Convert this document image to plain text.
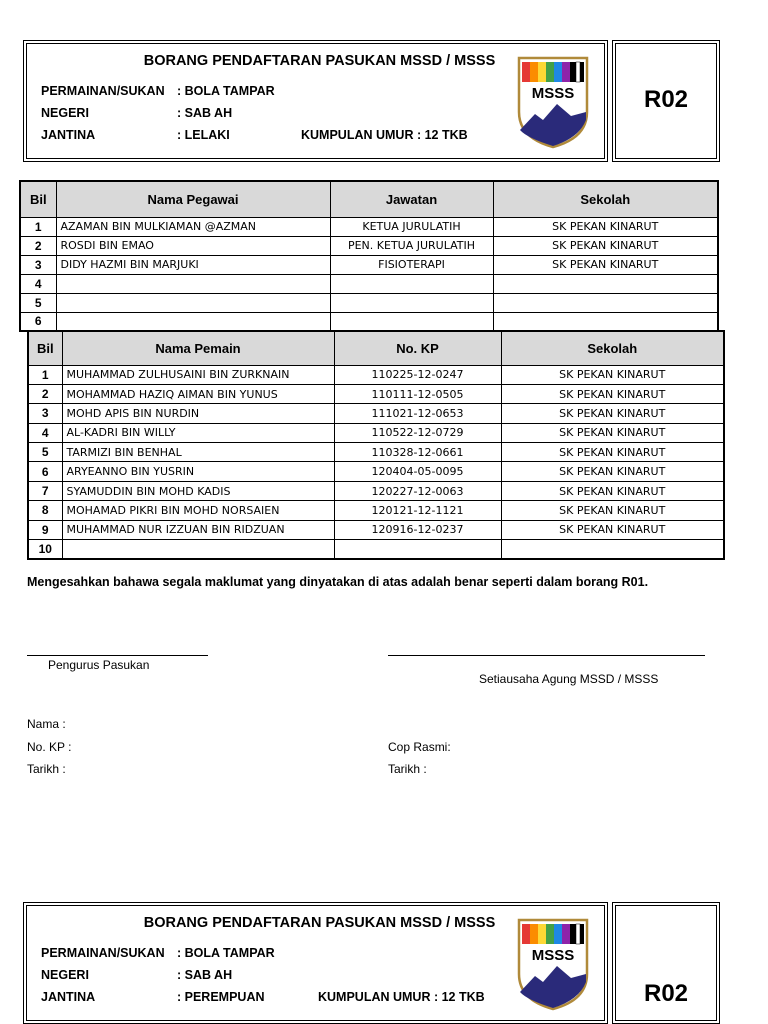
BORANG PENDAFTARAN PASUKAN MSSD / MSSS
PERMAINAN/SUKAN : BOLA TAMPAR
NEGERI	: SAB AH
JANTINA	: LELAKI	KUMPULAN UMUR : 12 TKB
MSSS	R02
Bil	Nama Pegawai	Jawatan	Sekolah
1	AZAMAN BIN MULKIAMAN @AZMAN	KETUA JURULATIH	SK PEKAN KINARUT
2	ROSDI BIN EMAO	PEN. KETUA JURULATIH	SK PEKAN KINARUT
3	DIDY HAZMI BIN MARJUKI	FISIOTERAPI	SK PEKAN KINARUT
4			
5			
6			
Bil	Nama Pemain	No. KP	Sekolah
1	MUHAMMAD ZULHUSAINI BIN ZURKNAIN	110225-12-0247	SK PEKAN KINARUT
2	MOHAMMAD HAZIQ AIMAN BIN YUNUS	110111-12-0505	SK PEKAN KINARUT
3	MOHD APIS BIN NURDIN	111021-12-0653	SK PEKAN KINARUT
4	AL-KADRI BIN WILLY	110522-12-0729	SK PEKAN KINARUT
5	TARMIZI BIN BENHAL	110328-12-0661	SK PEKAN KINARUT
6	ARYEANNO BIN YUSRIN	120404-05-0095	SK PEKAN KINARUT
7	SYAMUDDIN BIN MOHD KADIS	120227-12-0063	SK PEKAN KINARUT
8	MOHAMAD PIKRI BIN MOHD NORSAIEN	120121-12-1121	SK PEKAN KINARUT
9	MUHAMMAD NUR IZZUAN BIN RIDZUAN	120916-12-0237	SK PEKAN KINARUT
10			
Mengesahkan bahawa segala maklumat yang dinyatakan di atas adalah benar seperti dalam borang R01.
Pengurus Pasukan
Setiausaha Agung MSSD / MSSS
Nama :
No. KP :
Tarikh :
Cop Rasmi:
Tarikh :
BORANG PENDAFTARAN PASUKAN MSSD / MSSS
PERMAINAN/SUKAN : BOLA TAMPAR
NEGERI	: SAB AH
JANTINA	: PEREMPUAN	KUMPULAN UMUR : 12 TKB
MSSS
R02
